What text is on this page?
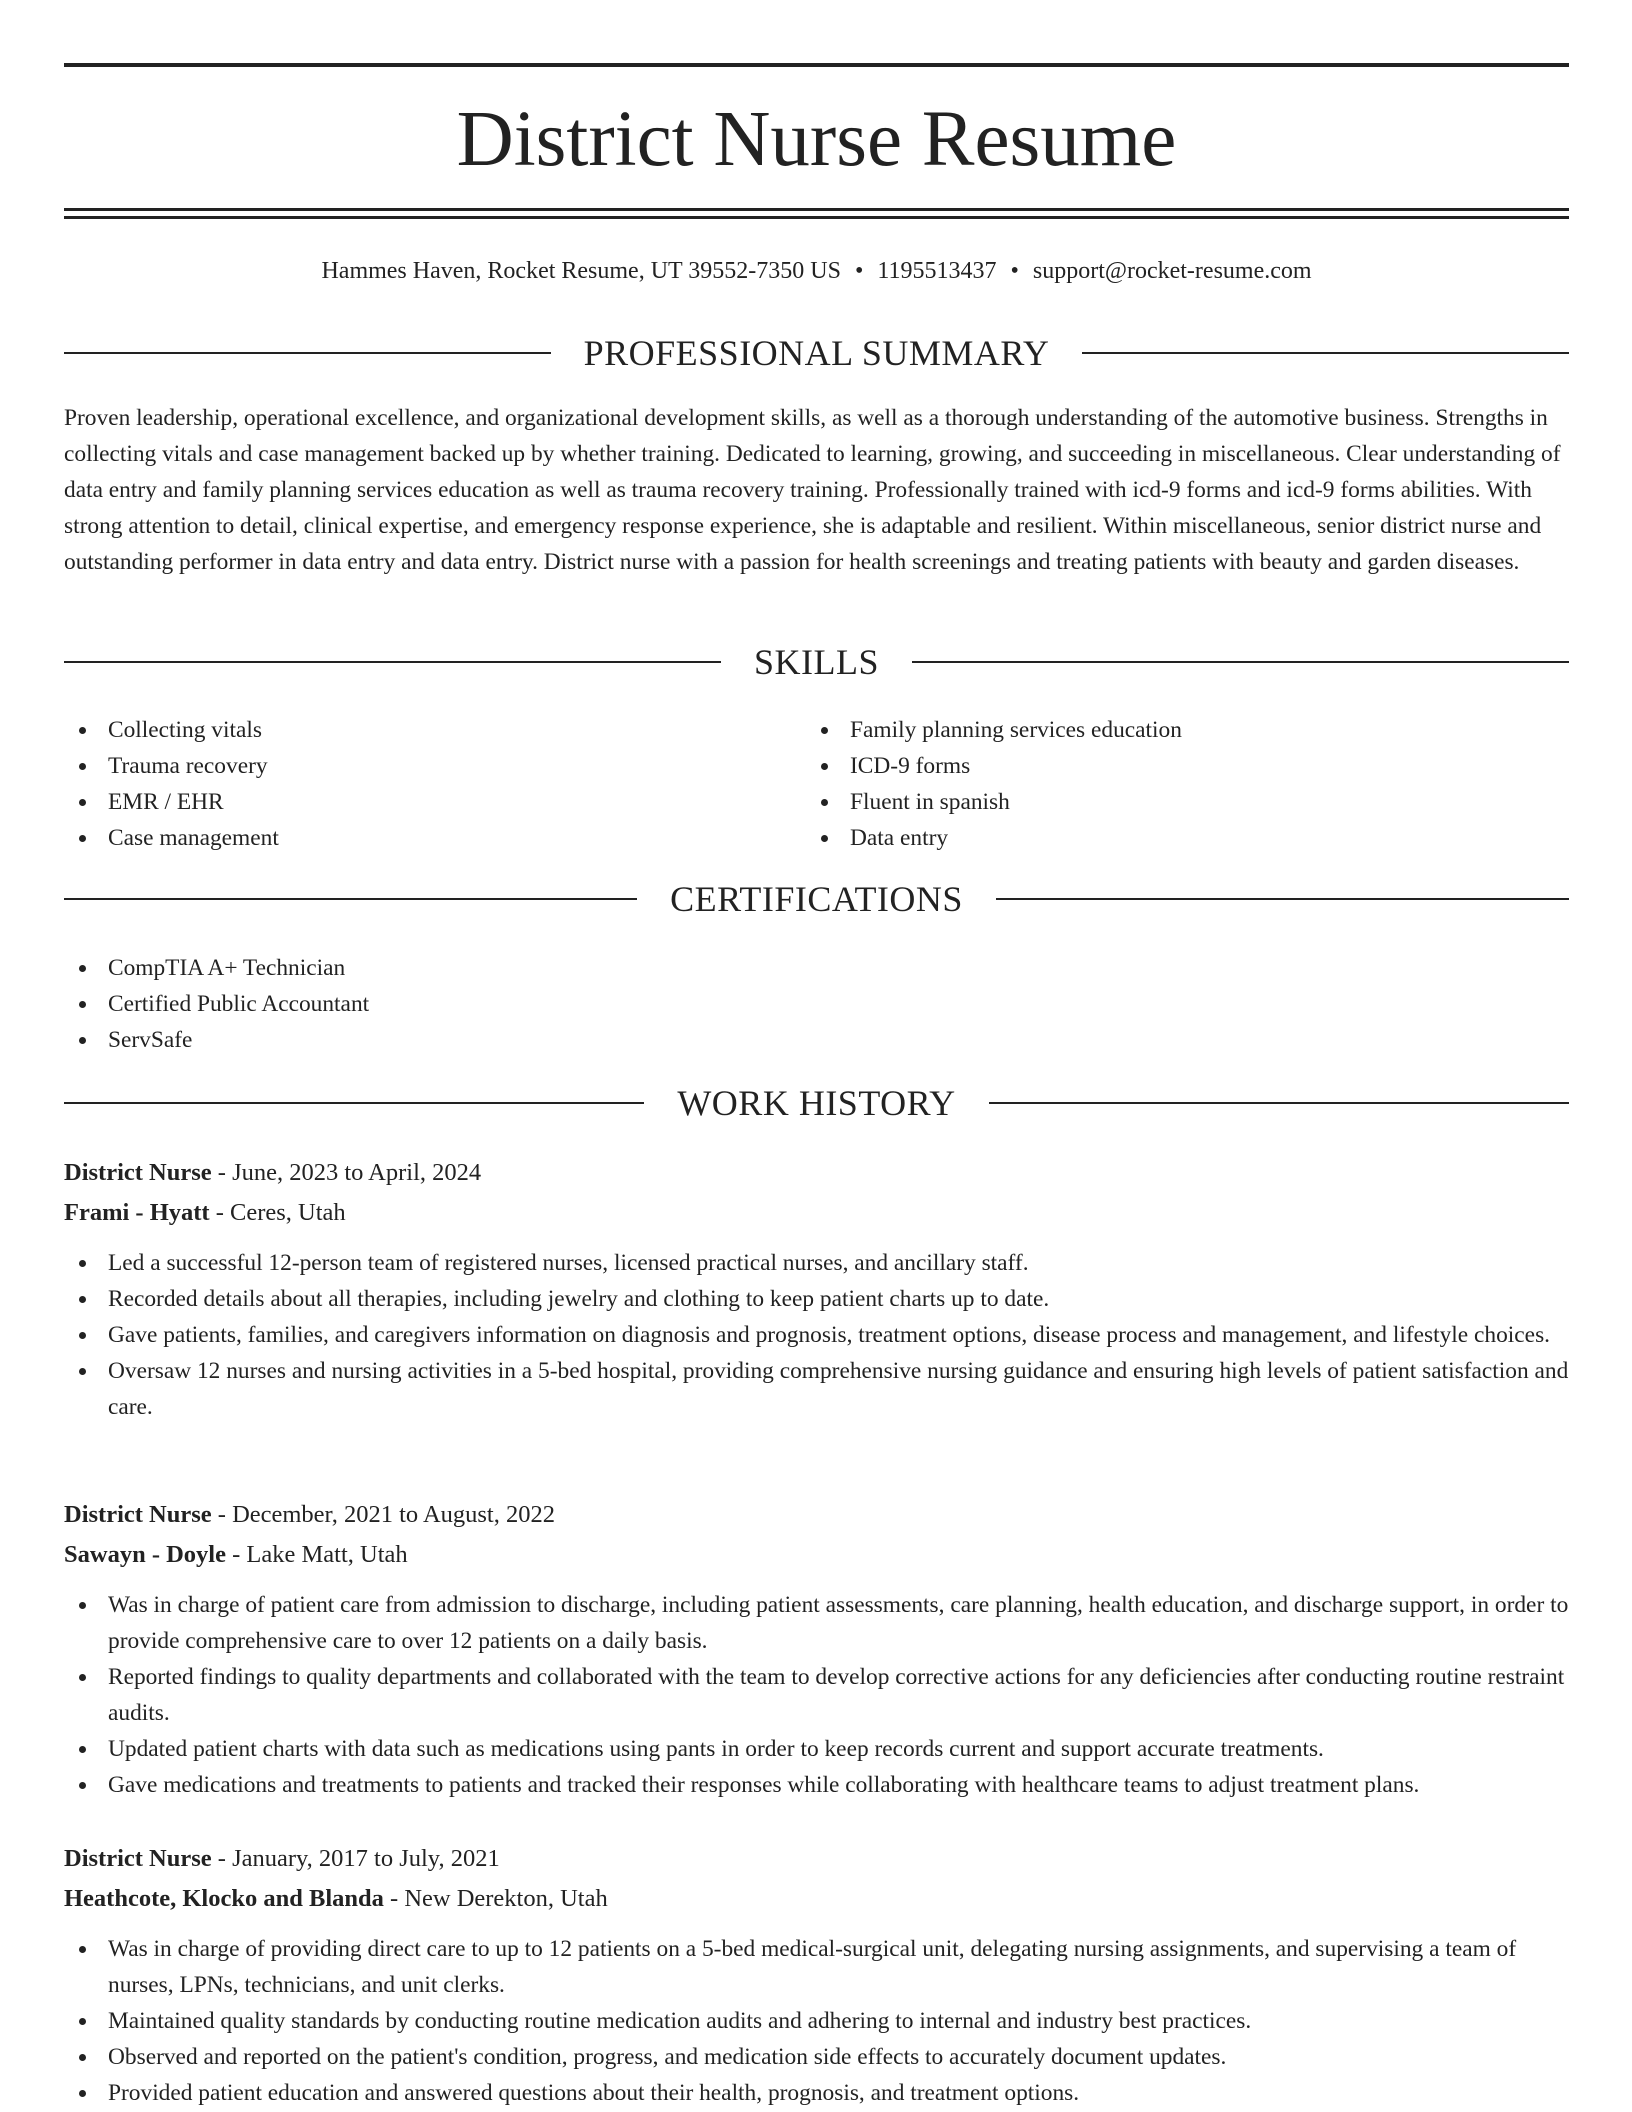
District Nurse Resume
Hammes Haven, Rocket Resume, UT 39552-7350 US • 1195513437 • support@rocket-resume.com
PROFESSIONAL SUMMARY

Proven leadership, operational excellence, and organizational development skills, as well as a thorough understanding of the automotive business. Strengths in collecting vitals and case management backed up by whether training. Dedicated to learning, growing, and succeeding in miscellaneous. Clear understanding of data entry and family planning services education as well as trauma recovery training. Professionally trained with icd-9 forms and icd-9 forms abilities. With strong attention to detail, clinical expertise, and emergency response experience, she is adaptable and resilient. Within miscellaneous, senior district nurse and outstanding performer in data entry and data entry. District nurse with a passion for health screenings and treating patients with beauty and garden diseases.

SKILLS
Collecting vitals
Trauma recovery
EMR / EHR
Case management
Family planning services education
ICD-9 forms
Fluent in spanish
Data entry
CERTIFICATIONS
CompTIA A+ Technician
Certified Public Accountant
ServSafe
WORK HISTORY
District Nurse - June, 2023 to April, 2024
Frami - Hyatt - Ceres, Utah
Led a successful 12-person team of registered nurses, licensed practical nurses, and ancillary staff.
Recorded details about all therapies, including jewelry and clothing to keep patient charts up to date.
Gave patients, families, and caregivers information on diagnosis and prognosis, treatment options, disease process and management, and lifestyle choices.
Oversaw 12 nurses and nursing activities in a 5-bed hospital, providing comprehensive nursing guidance and ensuring high levels of patient satisfaction and care.
District Nurse - December, 2021 to August, 2022
Sawayn - Doyle - Lake Matt, Utah
Was in charge of patient care from admission to discharge, including patient assessments, care planning, health education, and discharge support, in order to provide comprehensive care to over 12 patients on a daily basis.
Reported findings to quality departments and collaborated with the team to develop corrective actions for any deficiencies after conducting routine restraint audits.
Updated patient charts with data such as medications using pants in order to keep records current and support accurate treatments.
Gave medications and treatments to patients and tracked their responses while collaborating with healthcare teams to adjust treatment plans.
District Nurse - January, 2017 to July, 2021
Heathcote, Klocko and Blanda - New Derekton, Utah
Was in charge of providing direct care to up to 12 patients on a 5-bed medical-surgical unit, delegating nursing assignments, and supervising a team of nurses, LPNs, technicians, and unit clerks.
Maintained quality standards by conducting routine medication audits and adhering to internal and industry best practices.
Observed and reported on the patient's condition, progress, and medication side effects to accurately document updates.
Provided patient education and answered questions about their health, prognosis, and treatment options.
